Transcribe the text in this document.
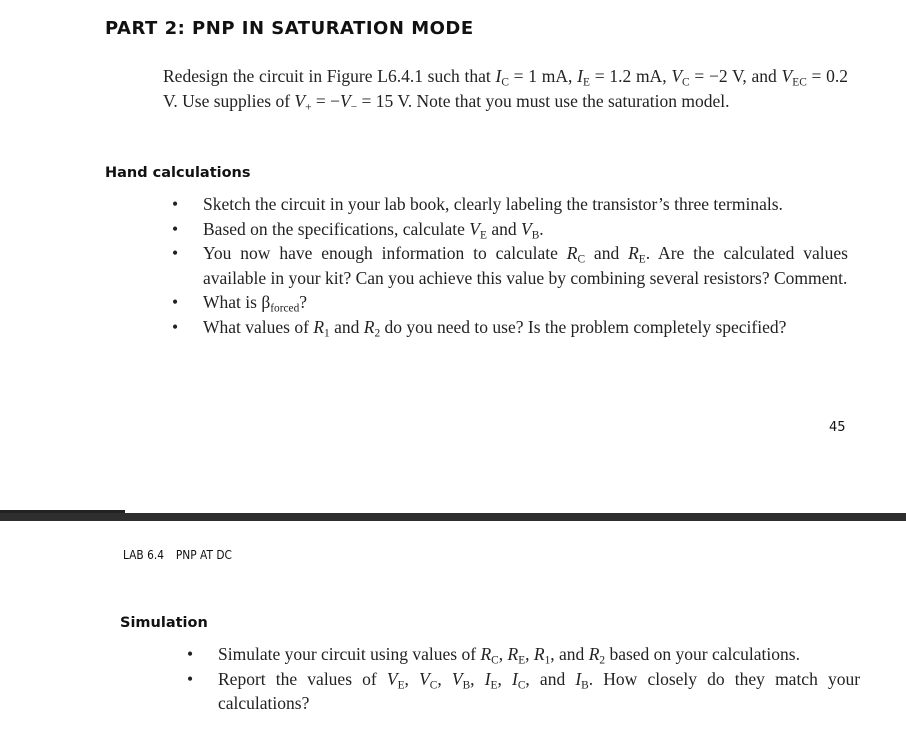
PART 2: PNP IN SATURATION MODE
Redesign the circuit in Figure L6.4.1 such that $I_C = 1$ mA, $I_E = 1.2$ mA, $V_C = -2$ V, and $V_{EC} = 0.2$ V. Use supplies of $V_+ = -V_- = 15$ V. Note that you must use the saturation model.
Hand calculations
• Sketch the circuit in your lab book, clearly labeling the transistor’s three terminals.
• Based on the specifications, calculate $V_E$ and $V_B$.
• You now have enough information to calculate $R_C$ and $R_E$. Are the calculated values available in your kit? Can you achieve this value by combining several resistors? Comment.
• What is $\beta_{forced}$?
• What values of $R_1$ and $R_2$ do you need to use? Is the problem completely specified?
45
LAB 6.4 PNP AT DC
Simulation
• Simulate your circuit using values of $R_C$, $R_E$, $R_1$, and $R_2$ based on your calculations.
• Report the values of $V_E$, $V_C$, $V_B$, $I_E$, $I_C$, and $I_B$. How closely do they match your calculations?
